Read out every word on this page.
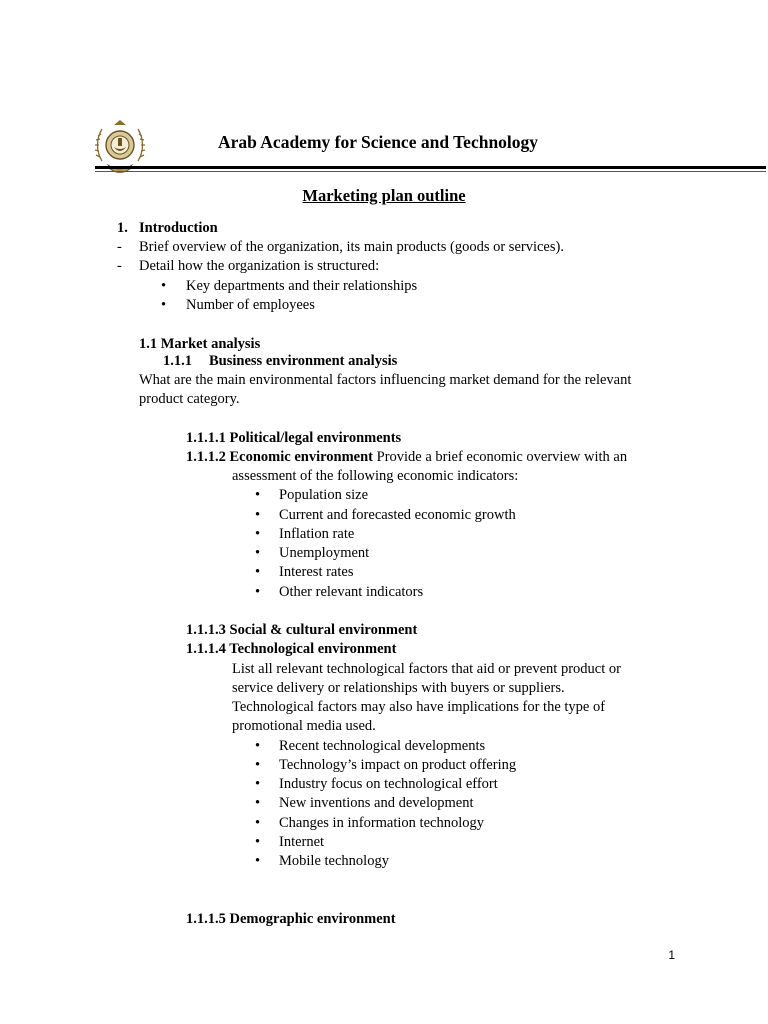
Arab Academy for Science and Technology
Marketing plan outline
1. Introduction
- Brief overview of the organization, its main products (goods or services).
- Detail how the organization is structured:
• Key departments and their relationships
• Number of employees
1.1 Market analysis
1.1.1 Business environment analysis
What are the main environmental factors influencing market demand for the relevant
product category.
1.1.1.1 Political/legal environments
1.1.1.2 Economic environment Provide a brief economic overview with an
assessment of the following economic indicators:
• Population size
• Current and forecasted economic growth
• Inflation rate
• Unemployment
• Interest rates
• Other relevant indicators
1.1.1.3 Social & cultural environment
1.1.1.4 Technological environment
List all relevant technological factors that aid or prevent product or
service delivery or relationships with buyers or suppliers.
Technological factors may also have implications for the type of
promotional media used.
• Recent technological developments
• Technology’s impact on product offering
• Industry focus on technological effort
• New inventions and development
• Changes in information technology
• Internet
• Mobile technology
1.1.1.5 Demographic environment
1
